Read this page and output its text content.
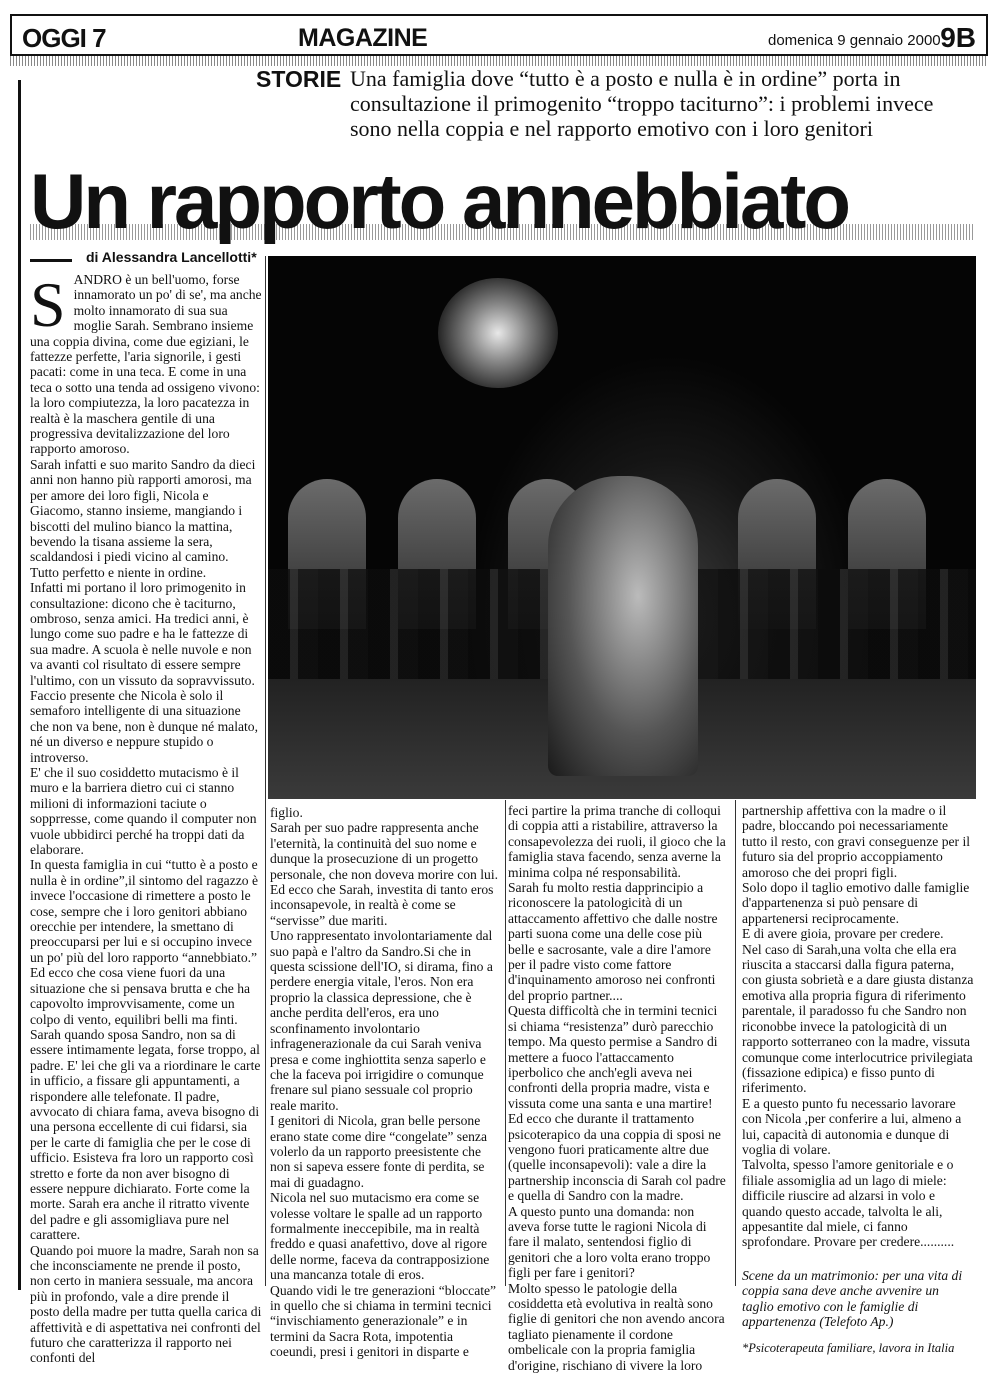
OGGI 7	MAGAZINE	domenica 9 gennaio 2000 9B
STORIE Una famiglia dove “tutto è a posto e nulla è in ordine” porta in consultazione il primogenito “troppo taciturno”: i problemi invece sono nella coppia e nel rapporto emotivo con i loro genitori
Un rapporto annebbiato
di Alessandra Lancellotti*
S ANDRO è un bell'uomo, forse innamorato un po' di se', ma anche molto innamorato di sua sua moglie Sarah. Sembrano insieme una coppia divina, come due egiziani, le fattezze perfette, l'aria signorile, i gesti pacati: come in una teca. E come in una teca o sotto una tenda ad ossigeno vivono: la loro compiutezza, la loro pacatezza in realtà è la maschera gentile di una progressiva devitalizzazione del loro rapporto amoroso.

Sarah infatti e suo marito Sandro da dieci anni non hanno più rapporti amorosi, ma per amore dei loro figli, Nicola e Giacomo, stanno insieme, mangiando i biscotti del mulino bianco la mattina, bevendo la tisana assieme la sera, scaldandosi i piedi vicino al camino.

Tutto perfetto e niente in ordine.

Infatti mi portano il loro primogenito in consultazione: dicono che è taciturno, ombroso, senza amici. Ha tredici anni, è lungo come suo padre e ha le fattezze di sua madre. A scuola è nelle nuvole e non va avanti col risultato di essere sempre l'ultimo, con un vissuto da sopravvissuto.

Faccio presente che Nicola è solo il semaforo intelligente di una situazione che non va bene, non è dunque né malato, né un diverso e neppure stupido o introverso.

E' che il suo cosiddetto mutacismo è il muro e la barriera dietro cui ci stanno milioni di informazioni taciute o sopprresse, come quando il computer non vuole ubbidirci perché ha troppi dati da elaborare.

In questa famiglia in cui “tutto è a posto e nulla è in ordine”,il sintomo del ragazzo è invece l'occasione di rimettere a posto le cose, sempre che i loro genitori abbiano orecchie per intendere, la smettano di preoccuparsi per lui e si occupino invece un po' più del loro rapporto “annebbiato.”

Ed ecco che cosa viene fuori da una situazione che si pensava brutta e che ha capovolto improvvisamente, come un colpo di vento, equilibri belli ma finti.

Sarah quando sposa Sandro, non sa di essere intimamente legata, forse troppo, al padre. E' lei che gli va a riordinare le carte in ufficio, a fissare gli appuntamenti, a rispondere alle telefonate. Il padre, avvocato di chiara fama, aveva bisogno di una persona eccellente di cui fidarsi, sia per le carte di famiglia che per le cose di ufficio. Esisteva fra loro un rapporto così stretto e forte da non aver bisogno di essere neppure dichiarato. Forte come la morte. Sarah era anche il ritratto vivente del padre e gli assomigliava pure nel carattere.

Quando poi muore la madre, Sarah non sa che inconsciamente ne prende il posto, non certo in maniera sessuale, ma ancora più in profondo, vale a dire prende il posto della madre per tutta quella carica di affettività e di aspettativa nei confronti del futuro che caratterizza il rapporto nei confonti del

figlio.

Sarah per suo padre rappresenta anche l'eternità, la continuità del suo nome e dunque la prosecuzione di un progetto personale, che non doveva morire con lui. Ed ecco che Sarah, investita di tanto eros inconsapevole, in realtà è come se “servisse” due mariti.

Uno rappresentato involontariamente dal suo papà e l'altro da Sandro.Si che in questa scissione dell'IO, si dirama, fino a perdere energia vitale, l'eros. Non era proprio la classica depressione, che è anche perdita dell'eros, era uno sconfinamento involontario infragenerazionale da cui Sarah veniva presa e come inghiottita senza saperlo e che la faceva poi irrigidire o comunque frenare sul piano sessuale col proprio reale marito.

I genitori di Nicola, gran belle persone erano state come dire “congelate” senza volerlo da un rapporto preesistente che non si sapeva essere fonte di perdita, se mai di guadagno.

Nicola nel suo mutacismo era come se volesse voltare le spalle ad un rapporto formalmente ineccepibile, ma in realtà freddo e quasi anafettivo, dove al rigore delle norme, faceva da contrapposizione una mancanza totale di eros.

Quando vidi le tre generazioni “bloccate” in quello che si chiama in termini tecnici “invischiamento generazionale” e in termini da Sacra Rota, impotentia coeundi, presi i genitori in disparte e

feci partire la prima tranche di colloqui di coppia atti a ristabilire, attraverso la consapevolezza dei ruoli, il gioco che la famiglia stava facendo, senza averne la minima colpa né responsabilità.

Sarah fu molto restia dapprincipio a riconoscere la patologicità di un attaccamento affettivo che dalle nostre parti suona come una delle cose più belle e sacrosante, vale a dire l'amore per il padre visto come fattore d'inquinamento amoroso nei confronti del proprio partner....

Questa difficoltà che in termini tecnici si chiama “resistenza” durò parecchio tempo. Ma questo permise a Sandro di mettere a fuoco l'attaccamento iperbolico che anch'egli aveva nei confronti della propria madre, vista e vissuta come una santa e una martire!

Ed ecco che durante il trattamento psicoterapico da una coppia di sposi ne vengono fuori praticamente altre due (quelle inconsapevoli): vale a dire la partnership inconscia di Sarah col padre e quella di Sandro con la madre.

A questo punto una domanda: non aveva forse tutte le ragioni Nicola di fare il malato, sentendosi figlio di genitori che a loro volta erano troppo figli per fare i genitori?

Molto spesso le patologie della cosiddetta età evolutiva in realtà sono figlie di genitori che non avendo ancora tagliato pienamente il cordone ombelicale con la propria famiglia d'origine, rischiano di vivere la loro

partnership affettiva con la madre o il padre, bloccando poi necessariamente tutto il resto, con gravi conseguenze per il futuro sia del proprio accoppiamento amoroso che dei propri figli.

Solo dopo il taglio emotivo dalle famiglie d'appartenenza si può pensare di appartenersi reciprocamente.

E di avere gioia, provare per credere.

Nel caso di Sarah,una volta che ella era riuscita a staccarsi dalla figura paterna, con giusta sobrietà e a dare giusta distanza emotiva alla propria figura di riferimento parentale, il paradosso fu che Sandro non riconobbe invece la patologicità di un rapporto sotterraneo con la madre, vissuta comunque come interlocutrice privilegiata (fissazione edipica) e fisso punto di riferimento.

E a questo punto fu necessario lavorare con Nicola ,per conferire a lui, almeno a lui, capacità di autonomia e dunque di voglia di volare.

Talvolta, spesso l'amore genitoriale e o filiale assomiglia ad un lago di miele: difficile riuscire ad alzarsi in volo e quando questo accade, talvolta le ali, appesantite dal miele, ci fanno sprofondare. Provare per credere..........

Scene da un matrimonio: per una vita di coppia sana deve anche avvenire un taglio emotivo con le famiglie di appartenenza (Telefoto Ap.)

*Psicoterapeuta familiare, lavora in Italia
